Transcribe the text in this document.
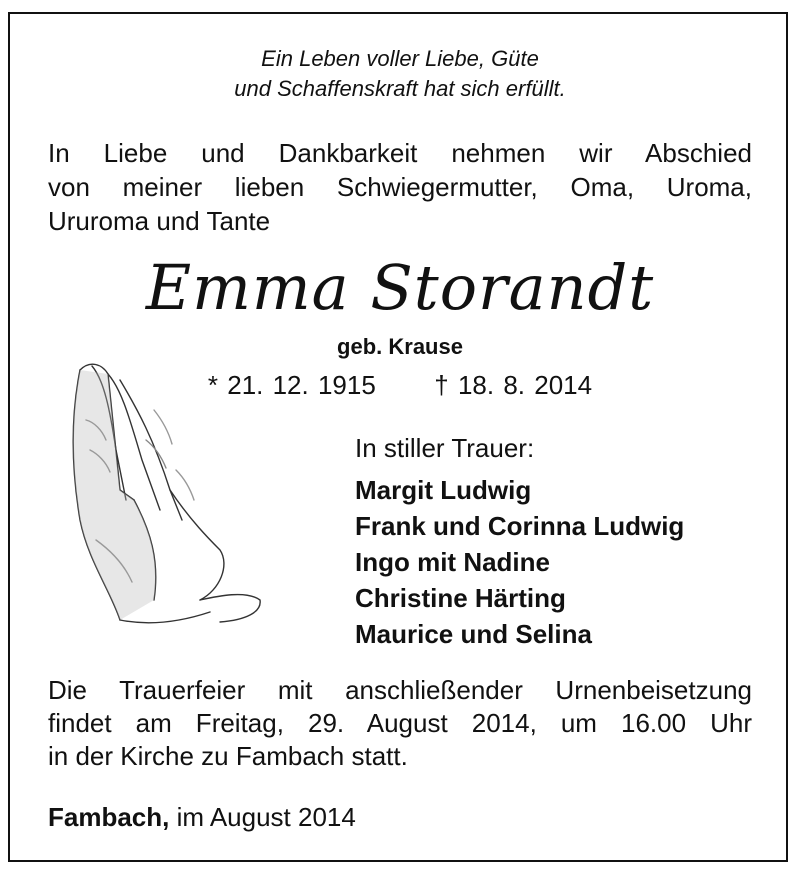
Ein Leben voller Liebe, Güte
und Schaffenskraft hat sich erfüllt.
In Liebe und Dankbarkeit nehmen wir Abschied
von meiner lieben Schwiegermutter, Oma, Uroma,
Ururoma und Tante
Emma Storandt
geb. Krause
* 21. 12. 1915 † 18. 8. 2014
In stiller Trauer:
Margit Ludwig
Frank und Corinna Ludwig
Ingo mit Nadine
Christine Härting
Maurice und Selina
Die Trauerfeier mit anschließender Urnenbeisetzung
findet am Freitag, 29. August 2014, um 16.00 Uhr
in der Kirche zu Fambach statt.
Fambach, im August 2014
